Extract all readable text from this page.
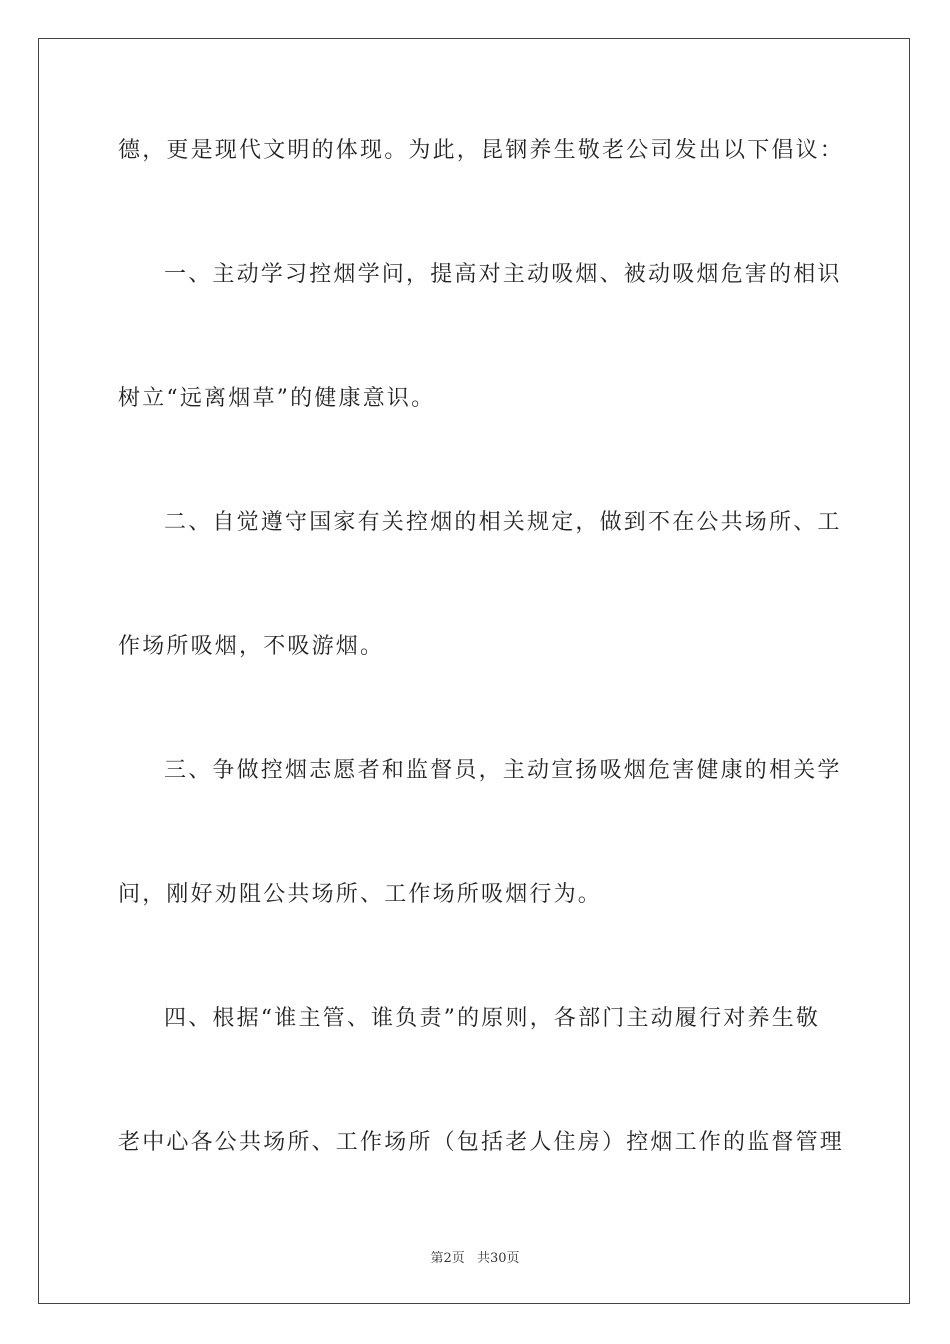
德，更是现代文明的体现。为此，昆钢养生敬老公司发出以下倡议：
一、主动学习控烟学问，提高对主动吸烟、被动吸烟危害的相识
树立“远离烟草”的健康意识。
二、自觉遵守国家有关控烟的相关规定，做到不在公共场所、工
作场所吸烟，不吸游烟。
三、争做控烟志愿者和监督员，主动宣扬吸烟危害健康的相关学
问，刚好劝阻公共场所、工作场所吸烟行为。
四、根据“谁主管、谁负责”的原则，各部门主动履行对养生敬
老中心各公共场所、工作场所（包括老人住房）控烟工作的监督管理
第2页 共30页
